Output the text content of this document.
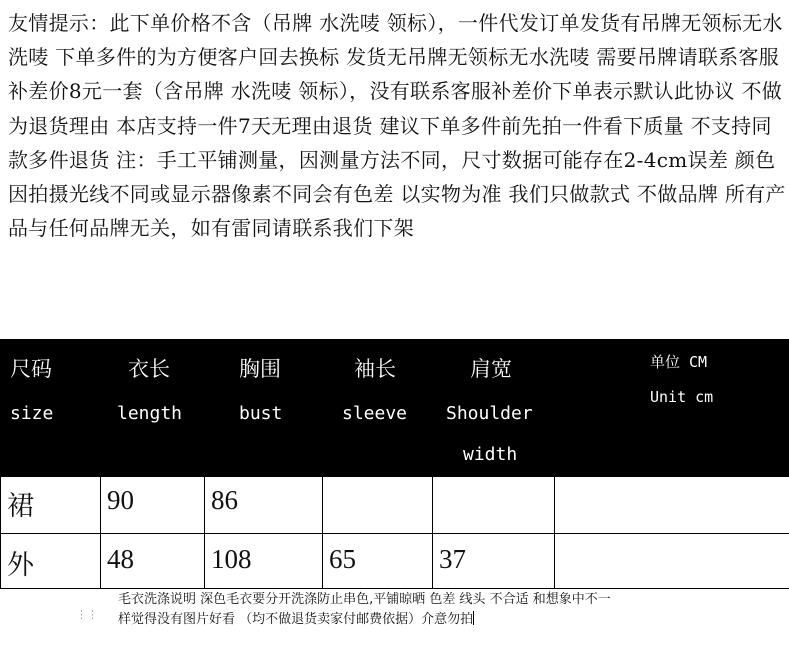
友情提示：此下单价格不含（吊牌 水洗唛 领标），一件代发订单发货有吊牌无领标无水洗唛 下单多件的为方便客户回去换标 发货无吊牌无领标无水洗唛 需要吊牌请联系客服补差价8元一套（含吊牌 水洗唛 领标），没有联系客服补差价下单表示默认此协议 不做为退货理由 本店支持一件7天无理由退货 建议下单多件前先拍一件看下质量 不支持同款多件退货 注：手工平铺测量，因测量方法不同，尺寸数据可能存在2-4cm误差 颜色因拍摄光线不同或显示器像素不同会有色差 以实物为准 我们只做款式 不做品牌 所有产品与任何品牌无关，如有雷同请联系我们下架

尺码	衣长	胸围	袖长	肩宽
size	length	bust	sleeve Shoulder
width
单位 CM
Unit cm
裙	90	86
外	48	108	65	37
⋮⋮
毛衣洗涤说明 深色毛衣要分开洗涤防止串色,平铺晾晒 色差 线头 不合适 和想象中不一
样觉得没有图片好看 （均不做退货卖家付邮费依据）介意勿拍
